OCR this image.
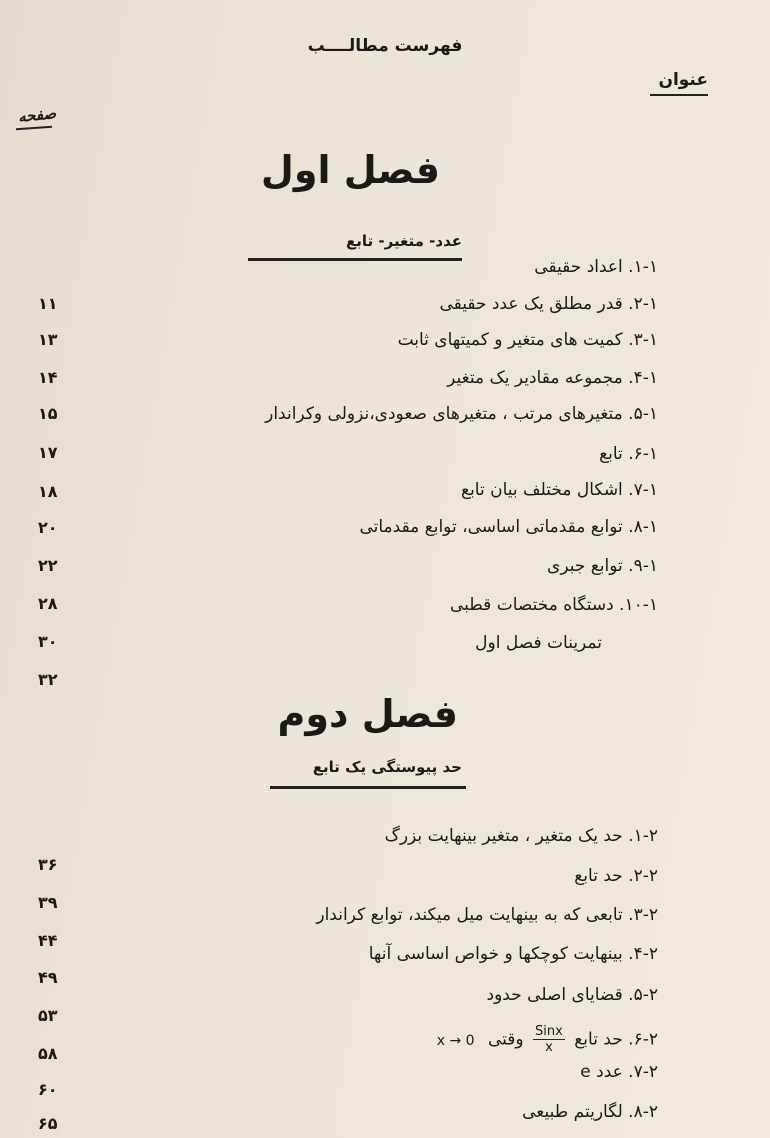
فهرست مطالــــب
عنوان
صفحه
فصل اول
عدد- متغیر- تابع
۱-۱. اعداد حقیقی
۲-۱. قدر مطلق یک عدد حقیقی
۳-۱. کمیت های متغیر و کمیتهای ثابت
۴-۱. مجموعه مقادیر یک متغیر
۵-۱. متغیرهای مرتب ، متغیرهای صعودی،نزولی وکراندار
۶-۱. تابع
۷-۱. اشکال مختلف بیان تابع
۸-۱. توابع مقدماتی اساسی، توابع مقدماتی
۹-۱. توابع جبری
۱۰-۱. دستگاه مختصات قطبی
تمرینات فصل اول
فصل دوم
حد پیوستگی یک تابع
۱-۲. حد یک متغیر ، متغیر بینهایت بزرگ
۲-۲. حد تابع
۳-۲. تابعی که به بینهایت میل میکند، توابع کراندار
۴-۲. بینهایت کوچکها و خواص اساسی آنها
۵-۲. قضایای اصلی حدود
۶-۲. حد تابع
$\frac{\text{Sinx}}{x}$
وقتی x → 0
۷-۲. عدد e
۸-۲. لگاریتم طبیعی
۱۱
۱۳
۱۴
۱۵
۱۷
۱۸
۲۰
۲۲
۲۸
۳۰
۳۲
۳۶
۳۹
۴۴
۴۹
۵۳
۵۸
۶۰
۶۵
